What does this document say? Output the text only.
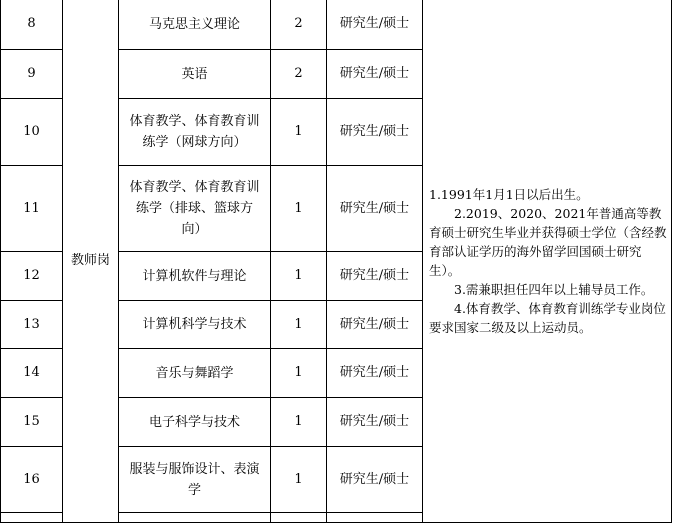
8	教师岗	马克思主义理论	2	研究生/硕士	1.1991年1月1日以后出生。
2.2019、2020、2021年普通高等教育硕士研究生毕业并获得硕士学位（含经教育部认证学历的海外留学回国硕士研究生）。
3.需兼职担任四年以上辅导员工作。
4.体育教学、体育教育训练学专业岗位要求国家二级及以上运动员。

9		英语	2	研究生/硕士	
10		体育教学、体育教育训练学（网球方向）	1	研究生/硕士	
11		体育教学、体育教育训练学（排球、篮球方向）	1	研究生/硕士	
12		计算机软件与理论	1	研究生/硕士	
13		计算机科学与技术	1	研究生/硕士	
14		音乐与舞蹈学	1	研究生/硕士	
15		电子科学与技术	1	研究生/硕士	
16		服装与服饰设计、表演学	1	研究生/硕士	
